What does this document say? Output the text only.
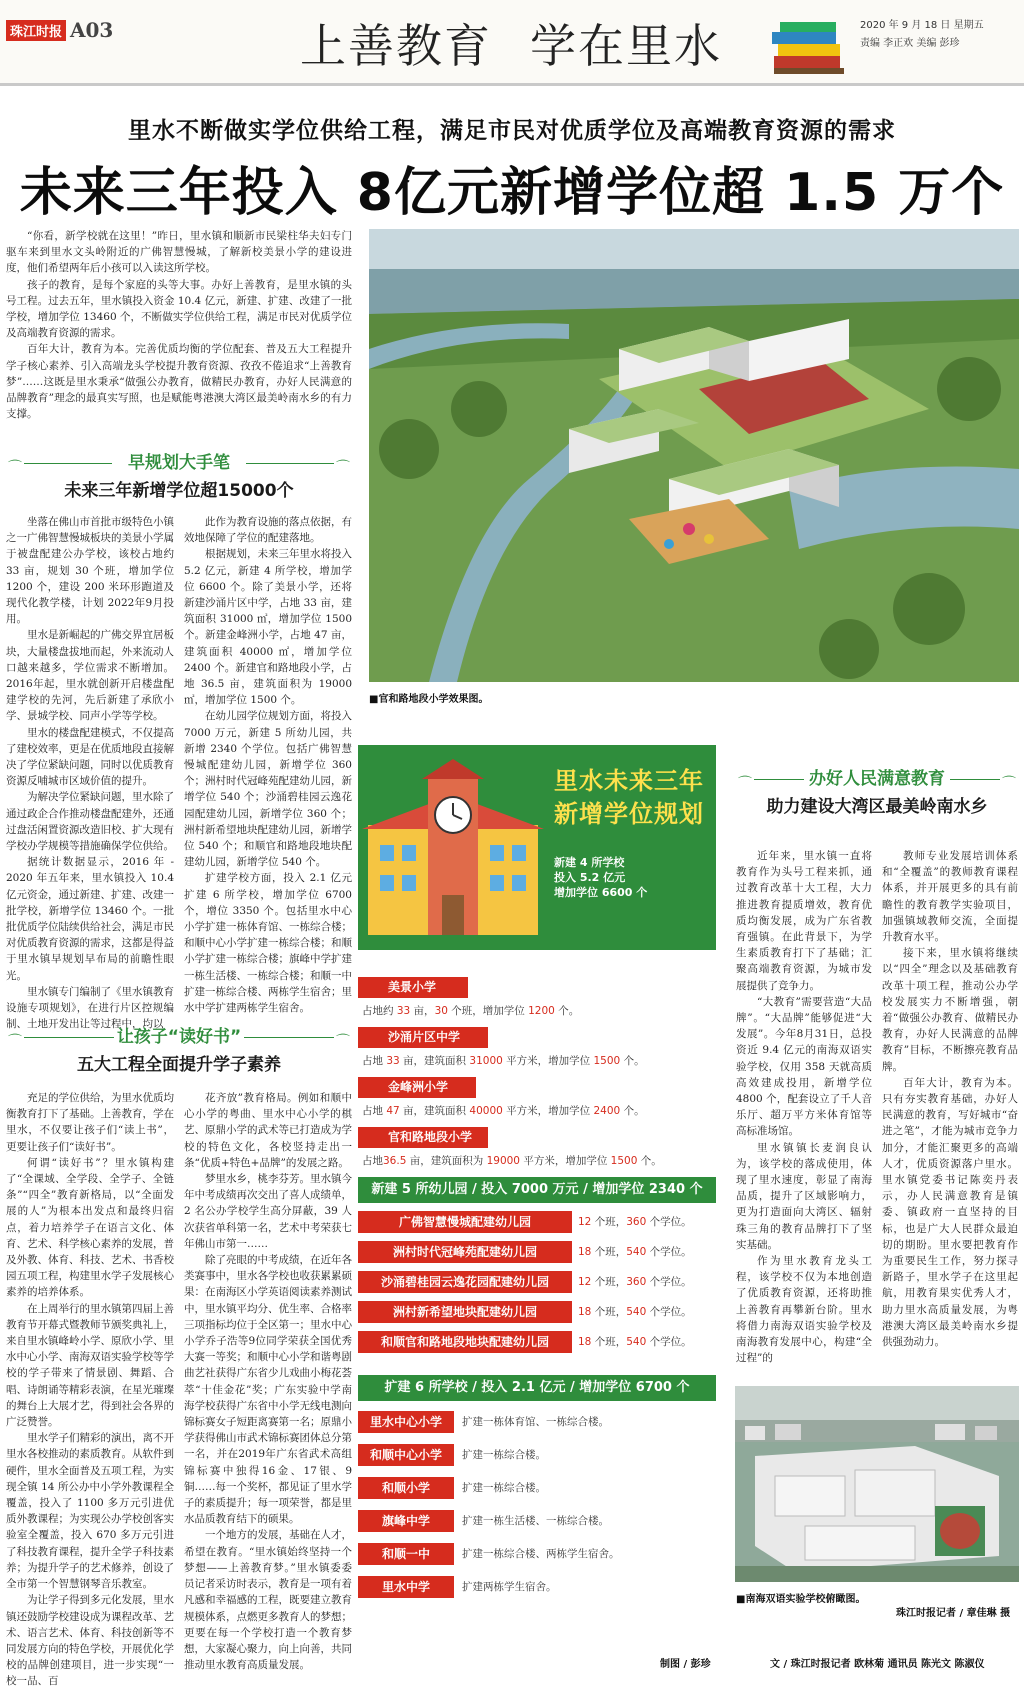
珠江时报 A03	上善教育 学在里水	2020 年 9 月 18 日 星期五
责编 李正欢 美编 彭珍
里水不断做实学位供给工程，满足市民对优质学位及高端教育资源的需求
未来三年投入 8亿元新增学位超 1.5 万个

“你看，新学校就在这里！”昨日，里水镇和顺新市民梁柱华夫妇专门驱车来到里水文头岭附近的广佛智慧慢城，了解新校美景小学的建设进度，他们希望两年后小孩可以入读这所学校。

孩子的教育，是每个家庭的头等大事。办好上善教育，是里水镇的头号工程。过去五年，里水镇投入资金 10.4 亿元，新建、扩建、改建了一批学校，增加学位 13460 个，不断做实学位供给工程，满足市民对优质学位及高端教育资源的需求。

百年大计，教育为本。完善优质均衡的学位配套、普及五大工程提升学子核心素养、引入高端龙头学校提升教育资源、孜孜不倦追求“上善教育梦”……这既是里水秉承“做强公办教育，做精民办教育，办好人民满意的品牌教育”理念的最真实写照，也是赋能粤港澳大湾区最美岭南水乡的有力支撑。

⌒	⌒
早规划大手笔
未来三年新增学位超15000个

坐落在佛山市首批市级特色小镇之一广佛智慧慢城板块的美景小学属于被盘配建公办学校，该校占地约 33 亩，规划 30 个班，增加学位 1200 个，建设 200 米环形跑道及现代化教学楼，计划 2022年9月投用。

里水是新崛起的广佛交界宜居板块，大量楼盘拔地而起，外来流动人口越来越多，学位需求不断增加。2016年起，里水就创新开启楼盘配建学校的先河，先后新建了承欣小学、景城学校、同声小学等学校。

里水的楼盘配建模式，不仅提高了建校效率，更是在优质地段直接解决了学位紧缺问题，同时以优质教育资源反哺城市区域价值的提升。

为解决学位紧缺问题，里水除了通过政企合作推动楼盘配建外，还通过盘活闲置资源改造旧校、扩大现有学校办学规模等措施确保学位供给。

据统计数据显示，2016 年 - 2020 年五年来，里水镇投入 10.4 亿元资金，通过新建、扩建、改建一批学校，新增学位 13460 个。一批批优质学位陆续供给社会，满足市民对优质教育资源的需求，这都是得益于里水镇早规划早布局的前瞻性眼光。

里水镇专门编制了《里水镇教育设施专项规划》，在进行片区控规编制、土地开发出让等过程中，均以

此作为教育设施的落点依据，有效地保障了学位的配建落地。

根据规划，未来三年里水将投入 5.2 亿元，新建 4 所学校，增加学位 6600 个。除了美景小学，还将新建沙涌片区中学，占地 33 亩，建筑面积 31000 ㎡，增加学位 1500 个。新建金峰洲小学，占地 47 亩，建筑面积 40000 ㎡，增加学位 2400 个。新建官和路地段小学，占地 36.5 亩，建筑面积为 19000 ㎡，增加学位 1500 个。

在幼儿园学位规划方面，将投入 7000 万元，新建 5 所幼儿园，共新增 2340 个学位。包括广佛智慧慢城配建幼儿园，新增学位 360 个；洲村时代冠峰苑配建幼儿园，新增学位 540 个；沙涌碧桂园云逸花园配建幼儿园，新增学位 360 个；洲村新希望地块配建幼儿园，新增学位 540 个；和顺官和路地段地块配建幼儿园，新增学位 540 个。

扩建学校方面，投入 2.1 亿元扩建 6 所学校，增加学位 6700 个，增位 3350 个。包括里水中心小学扩建一栋体育馆、一栋综合楼；和顺中心小学扩建一栋综合楼；和顺小学扩建一栋综合楼；旗峰中学扩建一栋生活楼、一栋综合楼；和顺一中扩建一栋综合楼、两栋学生宿舍；里水中学扩建两栋学生宿舍。

⌒	⌒
让孩子“读好书”
五大工程全面提升学子素养

充足的学位供给，为里水优质均衡教育打下了基础。上善教育，学在里水，不仅要让孩子们“读上书”，更要让孩子们“读好书”。

何谓“读好书”？里水镇构建了“全课域、全学段、全学子、全链条”“四全”教育新格局，以“全面发展的人”为根本出发点和最终归宿点，着力培养学子在语言文化、体育、艺术、科学核心素养的发展，普及外教、体育、科技、艺术、书香校园五项工程，构建里水学子发展核心素养的培养体系。

在上周举行的里水镇第四届上善教育节开幕式暨教师节颁奖典礼上，来自里水镇峰岭小学、原欣小学、里水中心小学、南海双语实验学校等学校的学子带来了情景剧、舞蹈、合唱、诗朗诵等精彩表演，在星光璀璨的舞台上大展才艺，得到社会各界的广泛赞誉。

里水学子们精彩的演出，离不开里水各校推动的素质教育。从软件到硬件，里水全面普及五项工程，为实现全镇 14 所公办中小学外教课程全覆盖，投入了 1100 多万元引进优质外教课程；为实现公办学校创客实验室全覆盖，投入 670 多万元引进了科技教育课程，提升全学子科技素养；为提升学子的艺术修养，创设了全市第一个智慧钢琴音乐教室。

为让学子得到多元化发展，里水镇还鼓励学校建设成为课程改革、艺术、语言艺术、体育、科技创新等不同发展方向的特色学校，开展优化学校的品牌创建项目，进一步实现“一校一品、百

花齐放”教育格局。例如和顺中心小学的粤曲、里水中心小学的棋艺、原鼎小学的武术等已打造成为学校的特色文化，各校竖持走出一条“优质+特色+品牌”的发展之路。

梦里水乡，桃李芬芳。里水镇今年中考成绩再次交出了喜人成绩单，2 名公办学校学生高分屏蔽，39 人次获省单科第一名，艺术中考荣获七年佛山市第一……

除了亮眼的中考成绩，在近年各类赛事中，里水各学校也收获累累硕果：在南海区小学英语阅读素养测试中，里水镇平均分、优生率、合格率三项指标均位于全区第一；里水中心小学乔子浩等9位同学荣获全国优秀大赛一等奖；和顺中心小学和谐粤剧曲艺社获得广东省少儿戏曲小梅花荟萃“十佳金花”奖；广东实验中学南海学校获得广东省中小学无线电测向锦标赛女子短距离赛第一名；原鼎小学获得佛山市武术锦标赛团体总分第一名，并在2019年广东省武术高组锦标赛中独得16金、17银、9铜……每一个奖杯，都见证了里水学子的素质提升；每一项荣誉，都是里水品质教育结下的硕果。

一个地方的发展，基础在人才，希望在教育。“里水镇始终坚持一个梦想——上善教育梦。”里水镇委委员记者采访时表示，教育是一项有着凡感和幸福感的工程，既要建立教育规模体系，点燃更多教育人的梦想；更要在每一个学校打造一个教育梦想，大家凝心聚力，向上向善，共同推动里水教育高质量发展。

■官和路地段小学效果图。
里水未来三年
新增学位规划
新建 4 所学校
投入 5.2 亿元
增加学位 6600 个
美景小学
占地约 33 亩，30 个班，增加学位 1200 个。
沙涌片区中学
占地 33 亩，建筑面积 31000 平方米，增加学位 1500 个。
金峰洲小学
占地 47 亩，建筑面积 40000 平方米，增加学位 2400 个。
官和路地段小学
占地36.5 亩，建筑面积为 19000 平方米，增加学位 1500 个。
新建 5 所幼儿园 / 投入 7000 万元 / 增加学位 2340 个
广佛智慧慢城配建幼儿园	12 个班，360 个学位。
洲村时代冠峰苑配建幼儿园	18 个班，540 个学位。
沙涌碧桂园云逸花园配建幼儿园	12 个班，360 个学位。
洲村新希望地块配建幼儿园	18 个班，540 个学位。
和顺官和路地段地块配建幼儿园	18 个班，540 个学位。
扩建 6 所学校 / 投入 2.1 亿元 / 增加学位 6700 个
里水中心小学	扩建一栋体育馆、一栋综合楼。
和顺中心小学	扩建一栋综合楼。
和顺小学	扩建一栋综合楼。
旗峰中学	扩建一栋生活楼、一栋综合楼。
和顺一中	扩建一栋综合楼、两栋学生宿舍。
里水中学	扩建两栋学生宿舍。
制图 / 彭珍
⌒	⌒
办好人民满意教育
助力建设大湾区最美岭南水乡

近年来，里水镇一直将教育作为头号工程来抓，通过教育改革十大工程，大力推进教育提质增效，教育优质均衡发展，成为广东省教育强镇。在此背景下，为学生素质教育打下了基础；汇聚高端教育资源，为城市发展提供了竞争力。

“大教育”需要营造“大品牌”。“大品牌”能够促进“大发展”。今年8月31日，总投资近 9.4 亿元的南海双语实验学校，仅用 358 天就高质高效建成投用，新增学位 4800 个，配套设立了千人音乐厅、超万平方米体育馆等高标准场馆。

里水镇镇长麦润良认为，该学校的落成使用，体现了里水速度，彰显了南海品质，提升了区域影响力，更为打造面向大湾区、辐射珠三角的教育品牌打下了坚实基础。

作为里水教育龙头工程，该学校不仅为本地创造了优质教育资源，还将助推上善教育再攀新台阶。里水将借力南海双语实验学校及南海教育发展中心，构建“全过程”的

教师专业发展培训体系和“全覆盖”的教师教育课程体系，并开展更多的具有前瞻性的教育教学实验项目，加强镇域教师交流，全面提升教育水平。

接下来，里水镇将继续以“四全”理念以及基础教育改革十项工程，推动公办学校发展实力不断增强，朝着“做强公办教育、做精民办教育，办好人民满意的品牌教育”目标，不断擦亮教育品牌。

百年大计，教育为本。只有夯实教育基础，办好人民满意的教育，写好城市“奋进之笔”，才能为城市竞争力加分，才能汇聚更多的高端人才，优质资源落户里水。里水镇党委书记陈奕丹表示，办人民满意教育是镇委、镇政府一直坚持的目标，也是广大人民群众最迫切的期盼。里水要把教育作为重要民生工作，努力探寻新路子，里水学子在这里起航，用教育果实优秀人才，助力里水高质量发展，为粤港澳大湾区最美岭南水乡提供强劲动力。

■南海双语实验学校俯瞰图。
珠江时报记者 / 章佳琳 摄
文 / 珠江时报记者 欧林菊 通讯员 陈光文 陈淑仪
